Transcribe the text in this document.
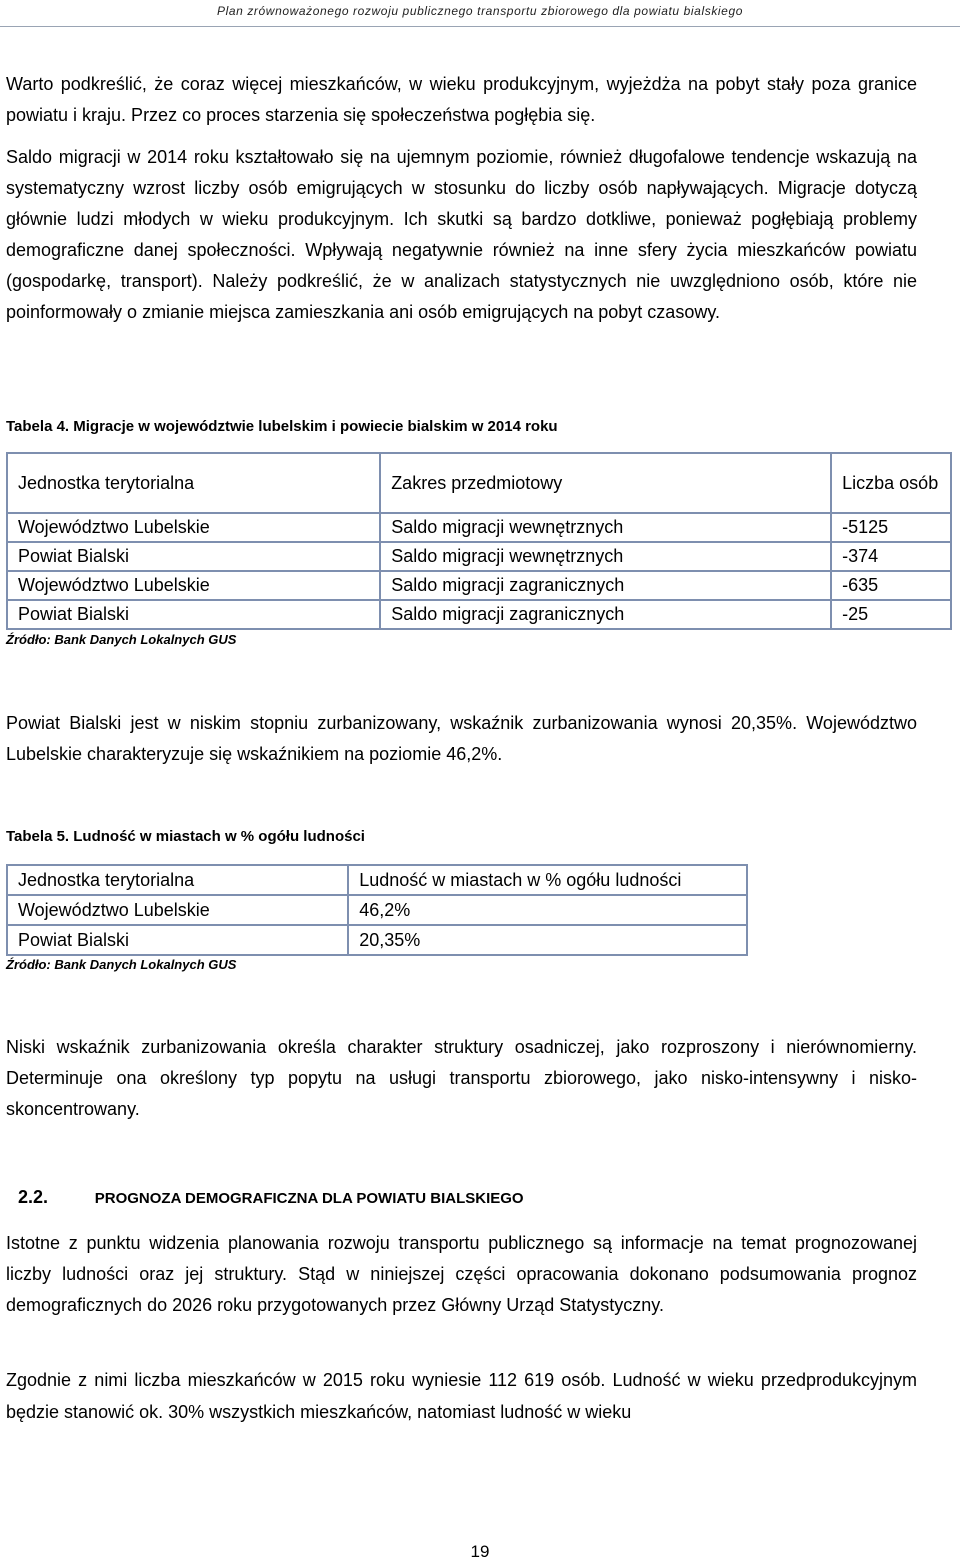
Plan zrównoważonego rozwoju publicznego transportu zbiorowego dla powiatu bialskiego

Warto podkreślić, że coraz więcej mieszkańców, w wieku produkcyjnym, wyjeżdża na pobyt stały poza granice powiatu i kraju. Przez co proces starzenia się społeczeństwa pogłębia się.

Saldo migracji w 2014 roku kształtowało się na ujemnym poziomie, również długofalowe tendencje wskazują na systematyczny wzrost liczby osób emigrujących w stosunku do liczby osób napływających. Migracje dotyczą głównie ludzi młodych w wieku produkcyjnym. Ich skutki są bardzo dotkliwe, ponieważ pogłębiają problemy demograficzne danej społeczności. Wpływają negatywnie również na inne sfery życia mieszkańców powiatu (gospodarkę, transport). Należy podkreślić, że w analizach statystycznych nie uwzględniono osób, które nie poinformowały o zmianie miejsca zamieszkania ani osób emigrujących na pobyt czasowy.

Tabela 4. Migracje w województwie lubelskim i powiecie bialskim w 2014 roku
Jednostka terytorialna	Zakres przedmiotowy	Liczba osób
Województwo Lubelskie	Saldo migracji wewnętrznych	-5125
Powiat Bialski	Saldo migracji wewnętrznych	-374
Województwo Lubelskie	Saldo migracji zagranicznych	-635
Powiat Bialski	Saldo migracji zagranicznych	-25
Źródło: Bank Danych Lokalnych GUS

Powiat Bialski jest w niskim stopniu zurbanizowany, wskaźnik zurbanizowania wynosi 20,35%. Województwo Lubelskie charakteryzuje się wskaźnikiem na poziomie 46,2%.

Tabela 5. Ludność w miastach w % ogółu ludności
Jednostka terytorialna	Ludność w miastach w % ogółu ludności
Województwo Lubelskie	46,2%
Powiat Bialski	20,35%
Źródło: Bank Danych Lokalnych GUS

Niski wskaźnik zurbanizowania określa charakter struktury osadniczej, jako rozproszony i nierównomierny. Determinuje ona określony typ popytu na usługi transportu zbiorowego, jako nisko-intensywny i nisko-skoncentrowany.

2.2.	PROGNOZA DEMOGRAFICZNA DLA POWIATU BIALSKIEGO

Istotne z punktu widzenia planowania rozwoju transportu publicznego są informacje na temat prognozowanej liczby ludności oraz jej struktury. Stąd w niniejszej części opracowania dokonano podsumowania prognoz demograficznych do 2026 roku przygotowanych przez Główny Urząd Statystyczny.

Zgodnie z nimi liczba mieszkańców w 2015 roku wyniesie 112 619 osób. Ludność w wieku przedprodukcyjnym będzie stanowić ok. 30% wszystkich mieszkańców, natomiast ludność w wieku

19
